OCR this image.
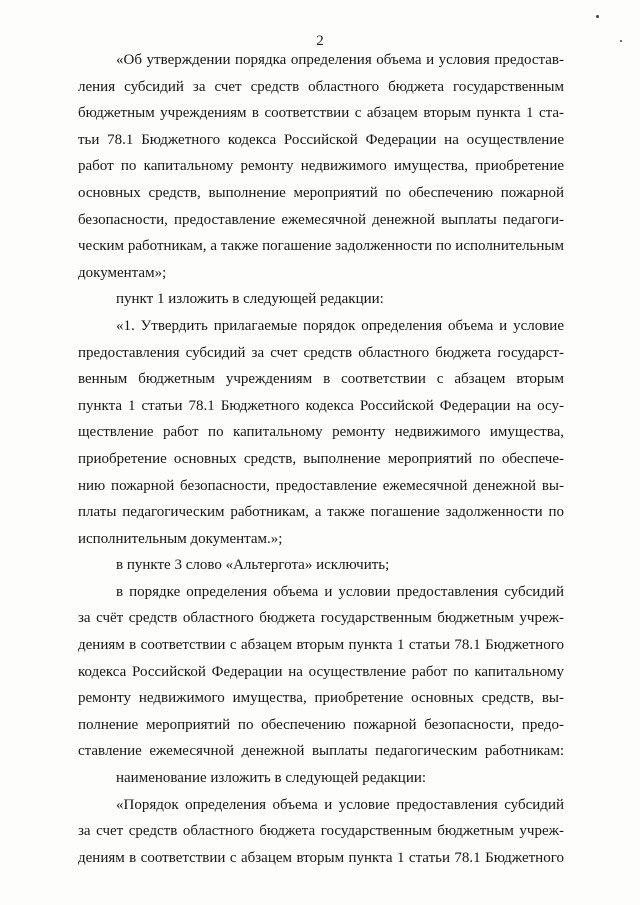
2
«Об утверждении порядка определения объема и условия предостав-
ления субсидий за счет средств областного бюджета государственным
бюджетным учреждениям в соответствии с абзацем вторым пункта 1 ста-
тьи 78.1 Бюджетного кодекса Российской Федерации на осуществление
работ по капитальному ремонту недвижимого имущества, приобретение
основных средств, выполнение мероприятий по обеспечению пожарной
безопасности, предоставление ежемесячной денежной выплаты педагоги-
ческим работникам, а также погашение задолженности по исполнительным
документам»;
пункт 1 изложить в следующей редакции:
«1. Утвердить прилагаемые порядок определения объема и условие
предоставления субсидий за счет средств областного бюджета государст-
венным бюджетным учреждениям в соответствии с абзацем вторым
пункта 1 статьи 78.1 Бюджетного кодекса Российской Федерации на осу-
ществление работ по капитальному ремонту недвижимого имущества,
приобретение основных средств, выполнение мероприятий по обеспече-
нию пожарной безопасности, предоставление ежемесячной денежной вы-
платы педагогическим работникам, а также погашение задолженности по
исполнительным документам.»;
в пункте 3 слово «Альтергота» исключить;
в порядке определения объема и условии предоставления субсидий
за счёт средств областного бюджета государственным бюджетным учреж-
дениям в соответствии с абзацем вторым пункта 1 статьи 78.1 Бюджетного
кодекса Российской Федерации на осуществление работ по капитальному
ремонту недвижимого имущества, приобретение основных средств, вы-
полнение мероприятий по обеспечению пожарной безопасности, предо-
ставление ежемесячной денежной выплаты педагогическим работникам:
наименование изложить в следующей редакции:
«Порядок определения объема и условие предоставления субсидий
за счет средств областного бюджета государственным бюджетным учреж-
дениям в соответствии с абзацем вторым пункта 1 статьи 78.1 Бюджетного
